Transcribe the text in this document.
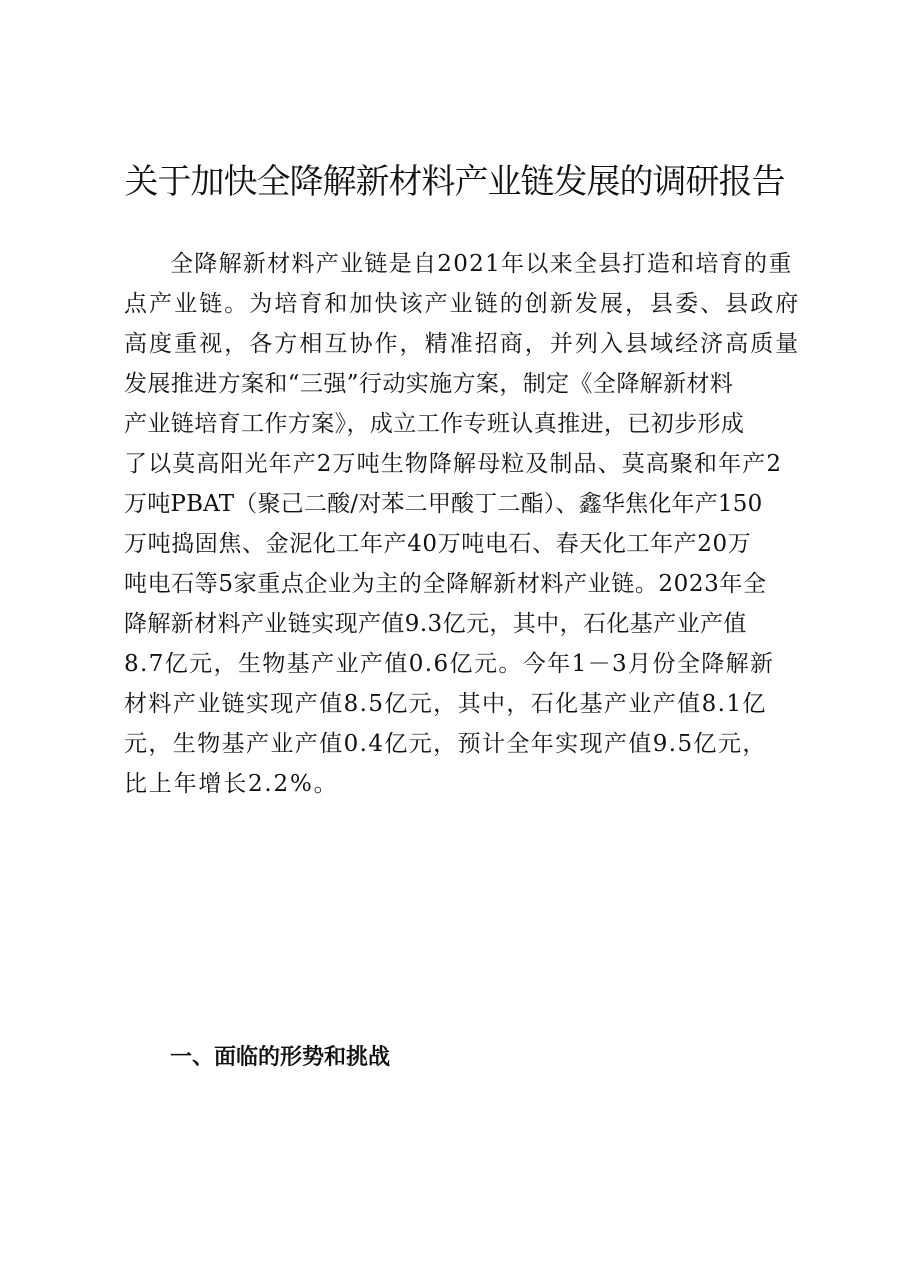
关于加快全降解新材料产业链发展的调研报告
全降解新材料产业链是自2021年以来全县打造和培育的重
点产业链。为培育和加快该产业链的创新发展，县委、县政府
高度重视，各方相互协作，精准招商，并列入县域经济高质量
发展推进方案和“三强”行动实施方案，制定《全降解新材料
产业链培育工作方案》，成立工作专班认真推进，已初步形成
了以莫高阳光年产2万吨生物降解母粒及制品、莫高聚和年产2
万吨PBAT（聚己二酸/对苯二甲酸丁二酯）、鑫华焦化年产150
万吨捣固焦、金泥化工年产40万吨电石、春天化工年产20万
吨电石等5家重点企业为主的全降解新材料产业链。2023年全
降解新材料产业链实现产值9.3亿元，其中，石化基产业产值
8.7亿元，生物基产业产值0.6亿元。今年1－3月份全降解新
材料产业链实现产值8.5亿元，其中，石化基产业产值8.1亿
元，生物基产业产值0.4亿元，预计全年实现产值9.5亿元，
比上年增长2.2%。
一、面临的形势和挑战
